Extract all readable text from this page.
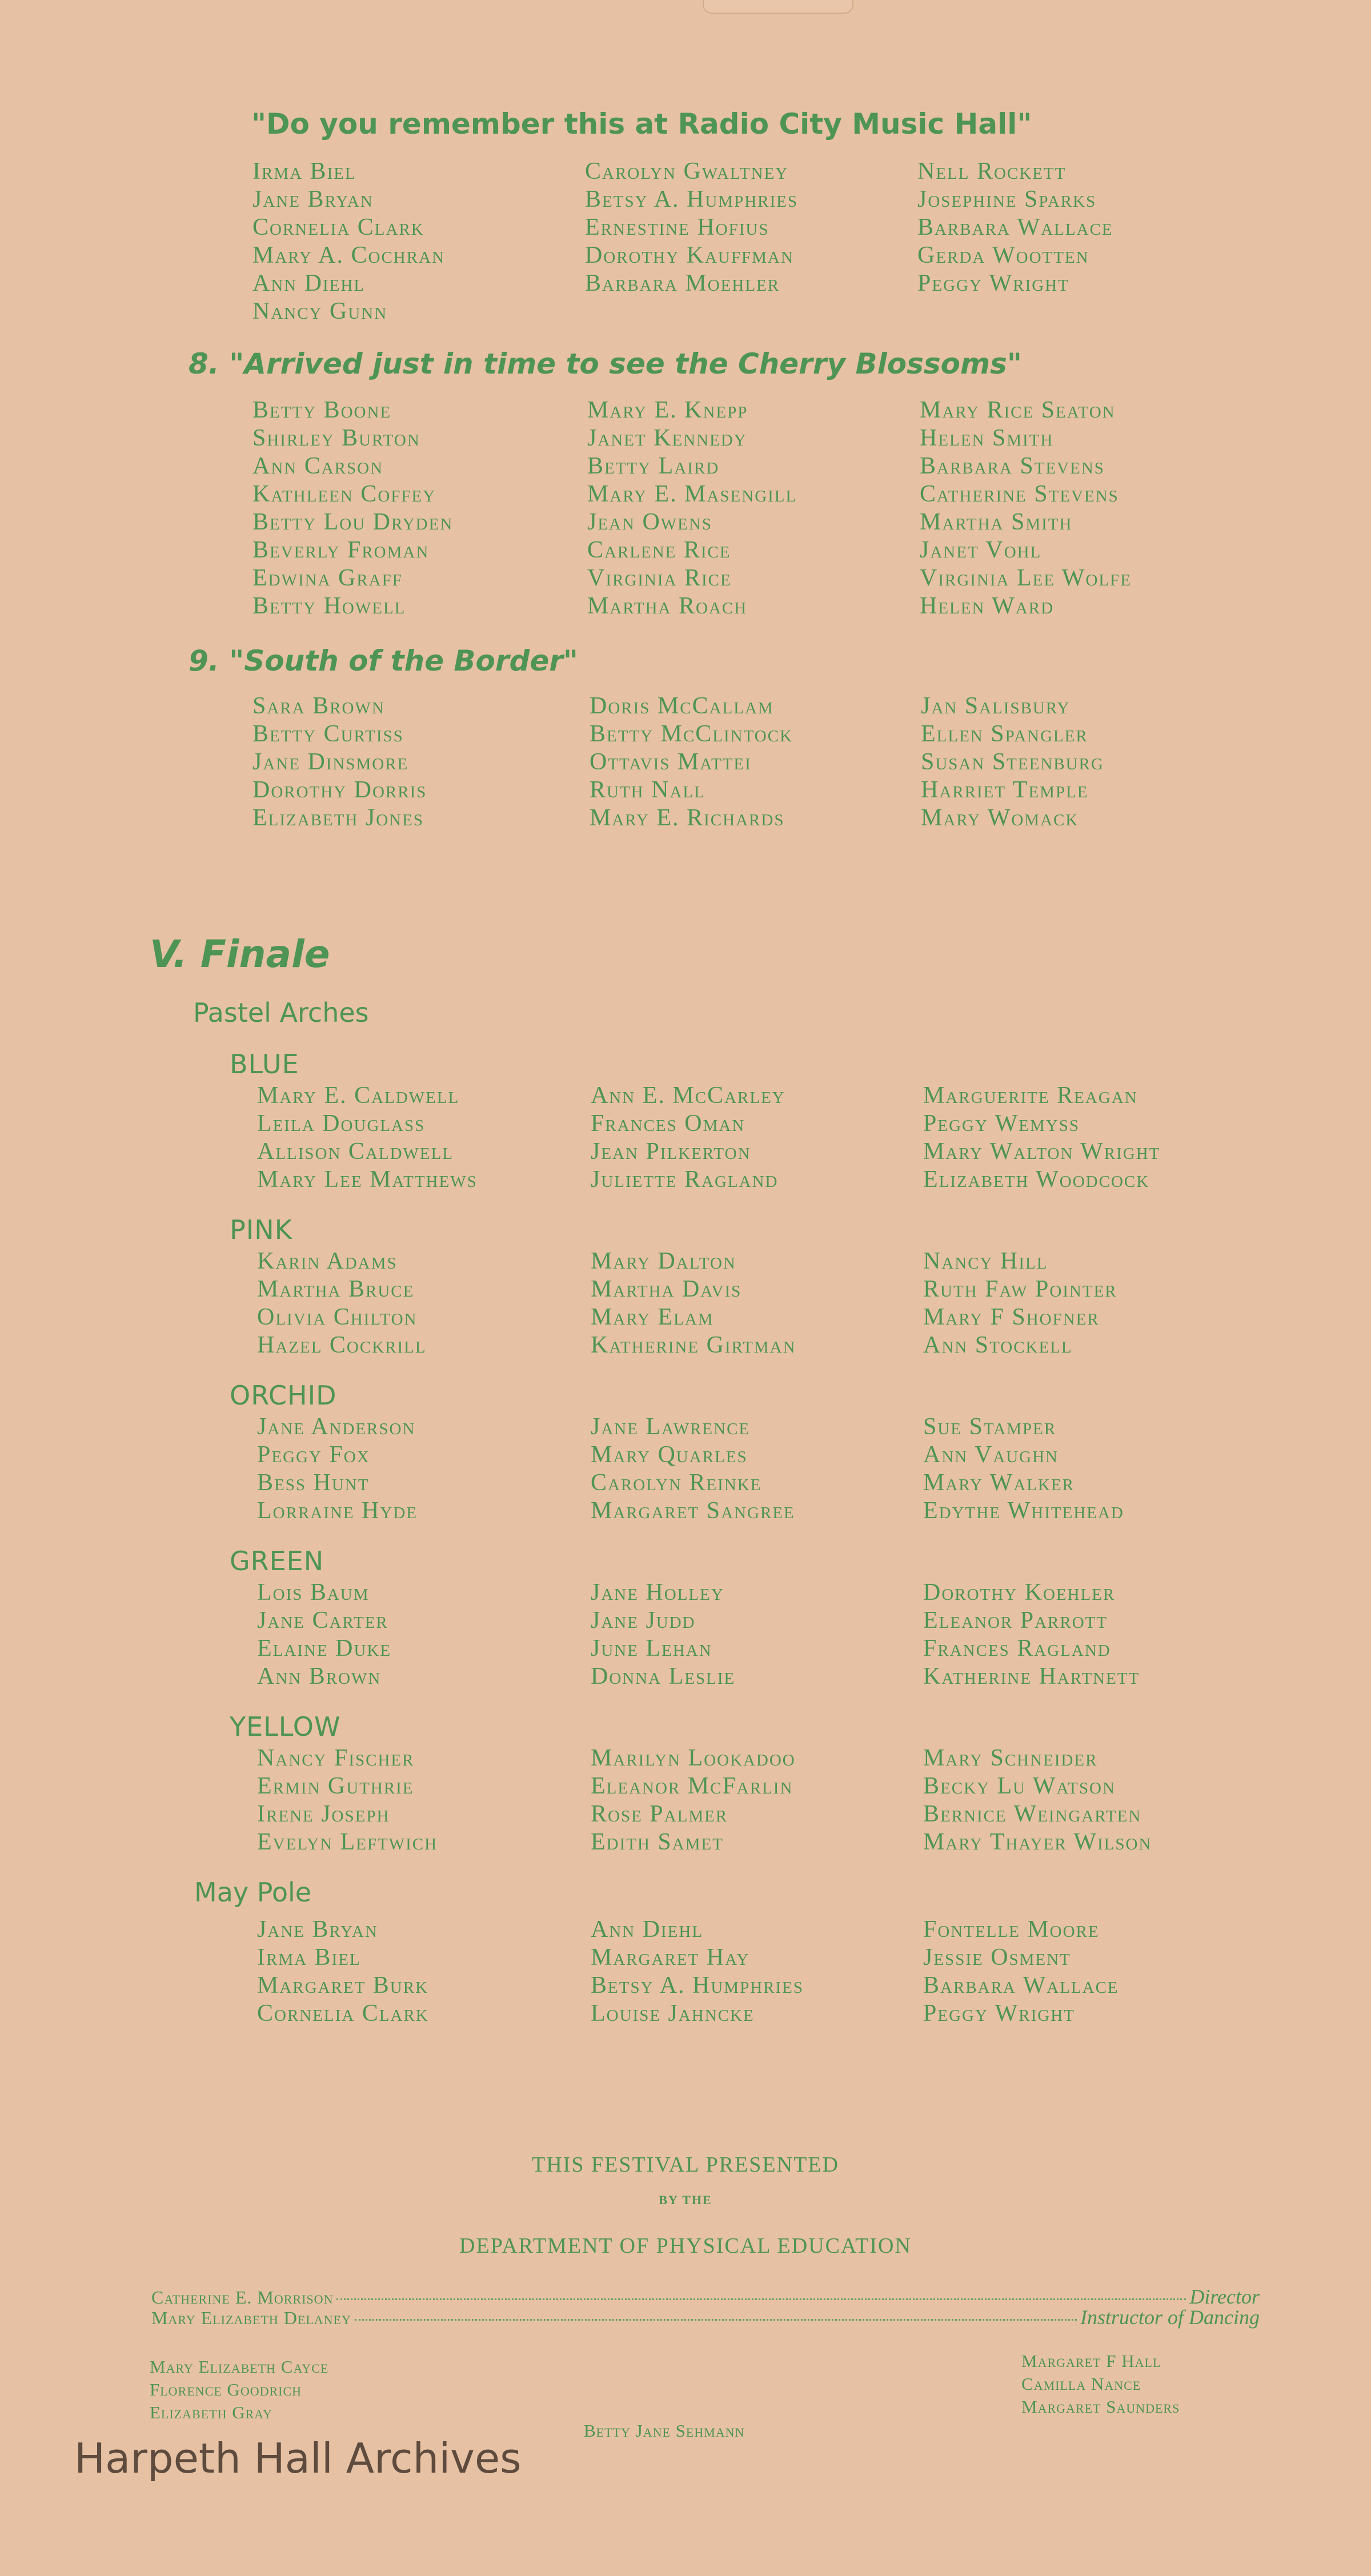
"Do you remember this at Radio City Music Hall"
Irma Biel
Jane Bryan
Cornelia Clark
Mary A. Cochran
Ann Diehl
Nancy Gunn
Carolyn Gwaltney
Betsy A. Humphries
Ernestine Hofius
Dorothy Kauffman
Barbara Moehler
Nell Rockett
Josephine Sparks
Barbara Wallace
Gerda Wootten
Peggy Wright
8. "Arrived just in time to see the Cherry Blossoms"
Betty Boone
Shirley Burton
Ann Carson
Kathleen Coffey
Betty Lou Dryden
Beverly Froman
Edwina Graff
Betty Howell
Mary E. Knepp
Janet Kennedy
Betty Laird
Mary E. Masengill
Jean Owens
Carlene Rice
Virginia Rice
Martha Roach
Mary Rice Seaton
Helen Smith
Barbara Stevens
Catherine Stevens
Martha Smith
Janet Vohl
Virginia Lee Wolfe
Helen Ward
9. "South of the Border"
Sara Brown
Betty Curtiss
Jane Dinsmore
Dorothy Dorris
Elizabeth Jones
Doris McCallam
Betty McClintock
Ottavis Mattei
Ruth Nall
Mary E. Richards
Jan Salisbury
Ellen Spangler
Susan Steenburg
Harriet Temple
Mary Womack
V. Finale
Pastel Arches
BLUE
Mary E. Caldwell
Leila Douglass
Allison Caldwell
Mary Lee Matthews
Ann E. McCarley
Frances Oman
Jean Pilkerton
Juliette Ragland
Marguerite Reagan
Peggy Wemyss
Mary Walton Wright
Elizabeth Woodcock
PINK
Karin Adams
Martha Bruce
Olivia Chilton
Hazel Cockrill
Mary Dalton
Martha Davis
Mary Elam
Katherine Girtman
Nancy Hill
Ruth Faw Pointer
Mary F Shofner
Ann Stockell
ORCHID
Jane Anderson
Peggy Fox
Bess Hunt
Lorraine Hyde
Jane Lawrence
Mary Quarles
Carolyn Reinke
Margaret Sangree
Sue Stamper
Ann Vaughn
Mary Walker
Edythe Whitehead
GREEN
Lois Baum
Jane Carter
Elaine Duke
Ann Brown
Jane Holley
Jane Judd
June Lehan
Donna Leslie
Dorothy Koehler
Eleanor Parrott
Frances Ragland
Katherine Hartnett
YELLOW
Nancy Fischer
Ermin Guthrie
Irene Joseph
Evelyn Leftwich
Marilyn Lookadoo
Eleanor McFarlin
Rose Palmer
Edith Samet
Mary Schneider
Becky Lu Watson
Bernice Weingarten
Mary Thayer Wilson
May Pole
Jane Bryan
Irma Biel
Margaret Burk
Cornelia Clark
Ann Diehl
Margaret Hay
Betsy A. Humphries
Louise Jahncke
Fontelle Moore
Jessie Osment
Barbara Wallace
Peggy Wright
THIS FESTIVAL PRESENTED
BY THE
DEPARTMENT OF PHYSICAL EDUCATION
Catherine E. Morrison	Director
Mary Elizabeth Delaney	Instructor of Dancing
Mary Elizabeth Cayce
Florence Goodrich
Elizabeth Gray
Margaret F Hall
Camilla Nance
Margaret Saunders
Betty Jane Sehmann
Harpeth Hall Archives
